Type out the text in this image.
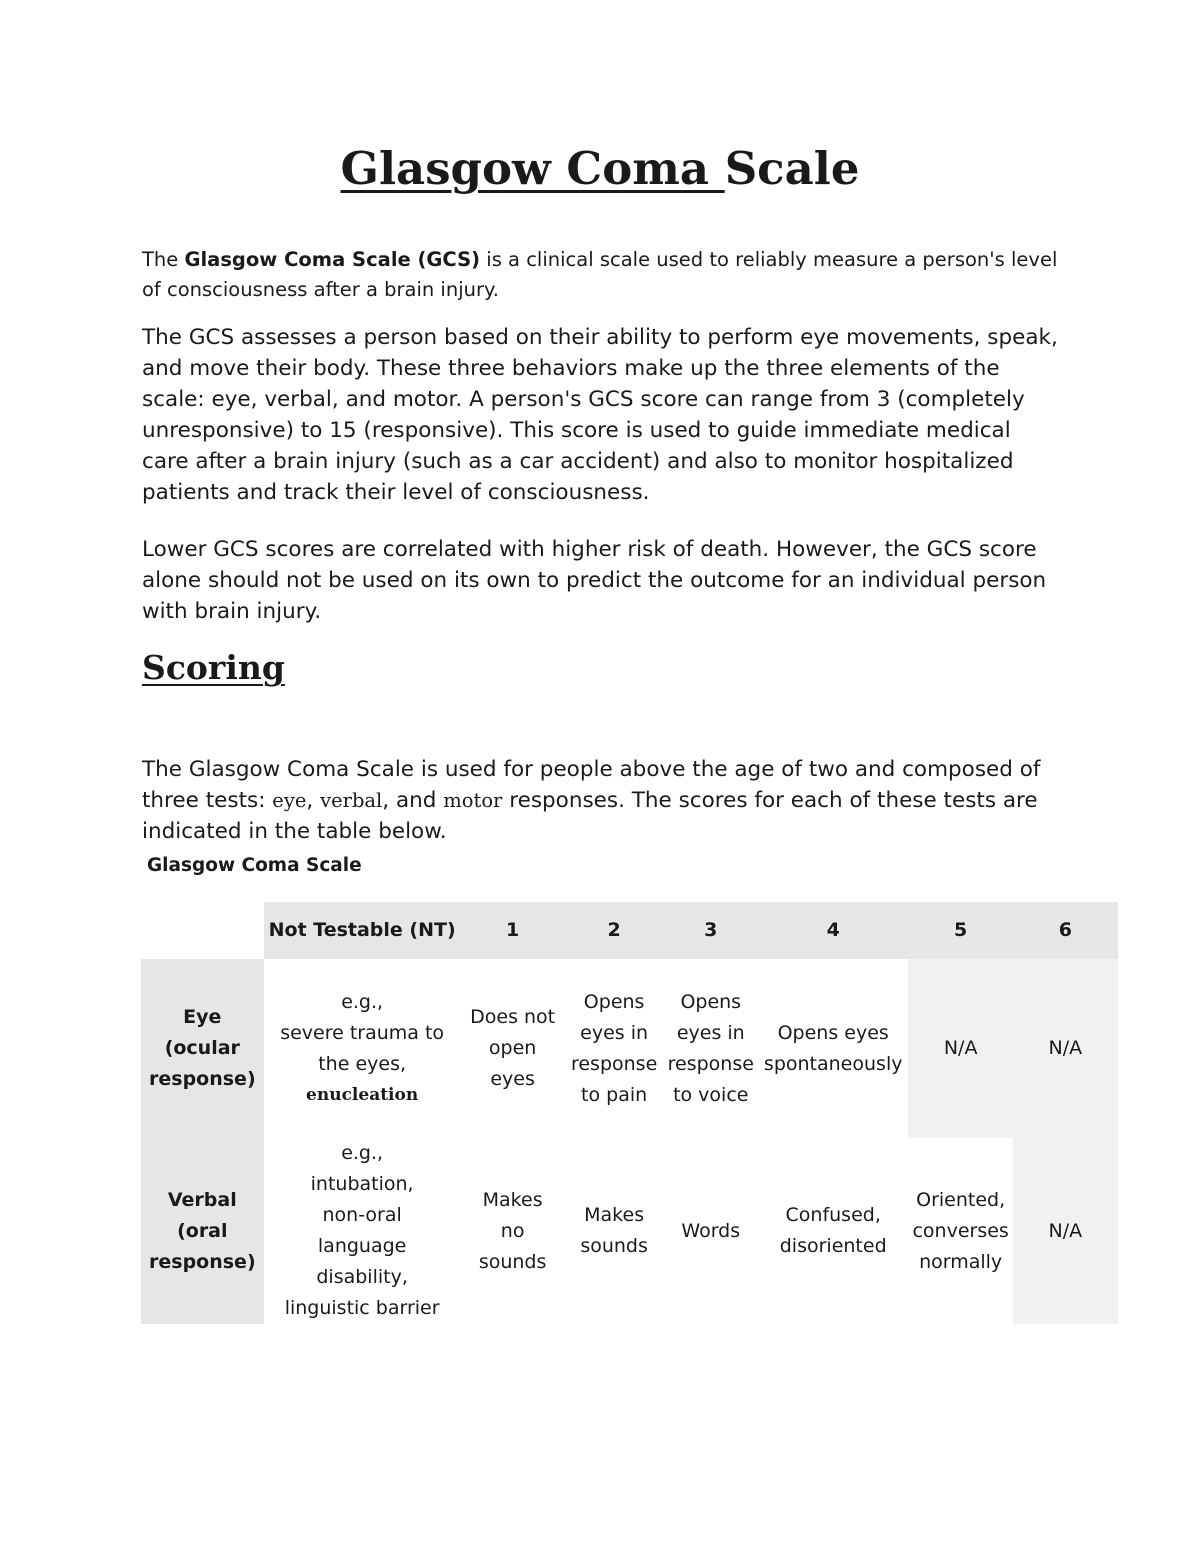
Glasgow Coma Scale

The Glasgow Coma Scale (GCS) is a clinical scale used to reliably measure a person's level of consciousness after a brain injury.

The GCS assesses a person based on their ability to perform eye movements, speak, and move their body. These three behaviors make up the three elements of the scale: eye, verbal, and motor. A person's GCS score can range from 3 (completely unresponsive) to 15 (responsive). This score is used to guide immediate medical care after a brain injury (such as a car accident) and also to monitor hospitalized patients and track their level of consciousness.

Lower GCS scores are correlated with higher risk of death. However, the GCS score alone should not be used on its own to predict the outcome for an individual person with brain injury.

Scoring

The Glasgow Coma Scale is used for people above the age of two and composed of three tests: eye, verbal, and motor responses. The scores for each of these tests are indicated in the table below.

Glasgow Coma Scale

	Not Testable (NT)	1	2	3	4	5	6

Eye (ocular response)	e.g.,
severe trauma to the eyes,
enucleation	Does not open eyes	Opens eyes in response to pain	Opens eyes in response to voice	Opens eyes spontaneously	N/A	N/A

Verbal (oral response)	e.g.,
intubation,
non-oral language disability,
linguistic barrier	Makes no sounds	Makes sounds	Words	Confused, disoriented	Oriented, converses normally	N/A
